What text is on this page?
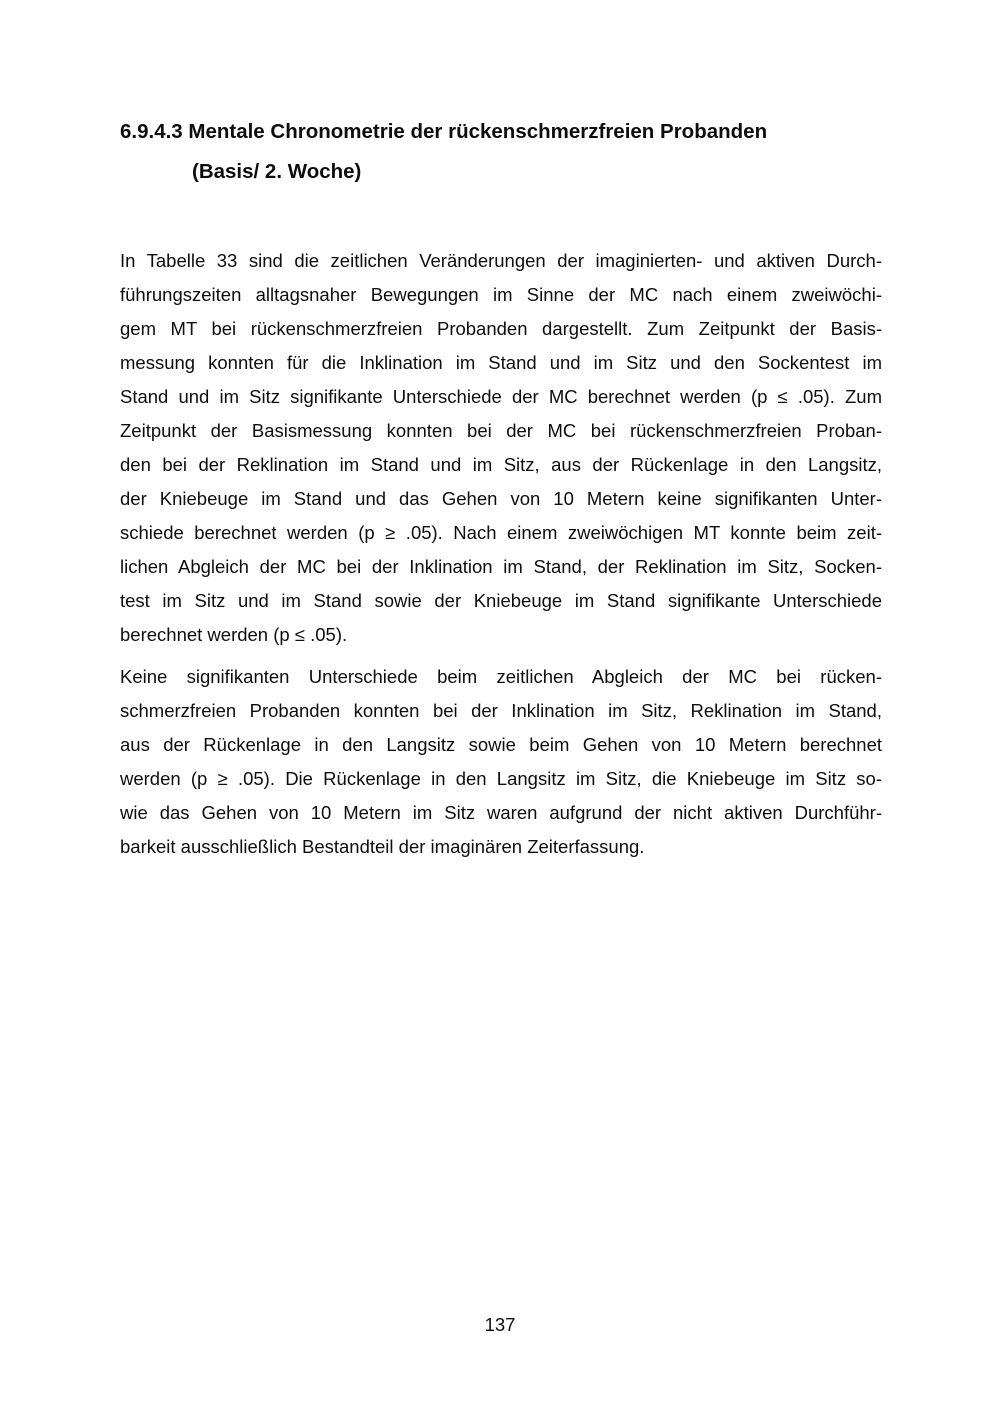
6.9.4.3 Mentale Chronometrie der rückenschmerzfreien Probanden
(Basis/ 2. Woche)
In Tabelle 33 sind die zeitlichen Veränderungen der imaginierten- und aktiven Durch-
führungszeiten alltagsnaher Bewegungen im Sinne der MC nach einem zweiwöchi-
gem MT bei rückenschmerzfreien Probanden dargestellt. Zum Zeitpunkt der Basis-
messung konnten für die Inklination im Stand und im Sitz und den Sockentest im
Stand und im Sitz signifikante Unterschiede der MC berechnet werden (p ≤ .05). Zum
Zeitpunkt der Basismessung konnten bei der MC bei rückenschmerzfreien Proban-
den bei der Reklination im Stand und im Sitz, aus der Rückenlage in den Langsitz,
der Kniebeuge im Stand und das Gehen von 10 Metern keine signifikanten Unter-
schiede berechnet werden (p ≥ .05). Nach einem zweiwöchigen MT konnte beim zeit-
lichen Abgleich der MC bei der Inklination im Stand, der Reklination im Sitz, Socken-
test im Sitz und im Stand sowie der Kniebeuge im Stand signifikante Unterschiede
berechnet werden (p ≤ .05).
Keine signifikanten Unterschiede beim zeitlichen Abgleich der MC bei rücken-
schmerzfreien Probanden konnten bei der Inklination im Sitz, Reklination im Stand,
aus der Rückenlage in den Langsitz sowie beim Gehen von 10 Metern berechnet
werden (p ≥ .05). Die Rückenlage in den Langsitz im Sitz, die Kniebeuge im Sitz so-
wie das Gehen von 10 Metern im Sitz waren aufgrund der nicht aktiven Durchführ-
barkeit ausschließlich Bestandteil der imaginären Zeiterfassung.
137
